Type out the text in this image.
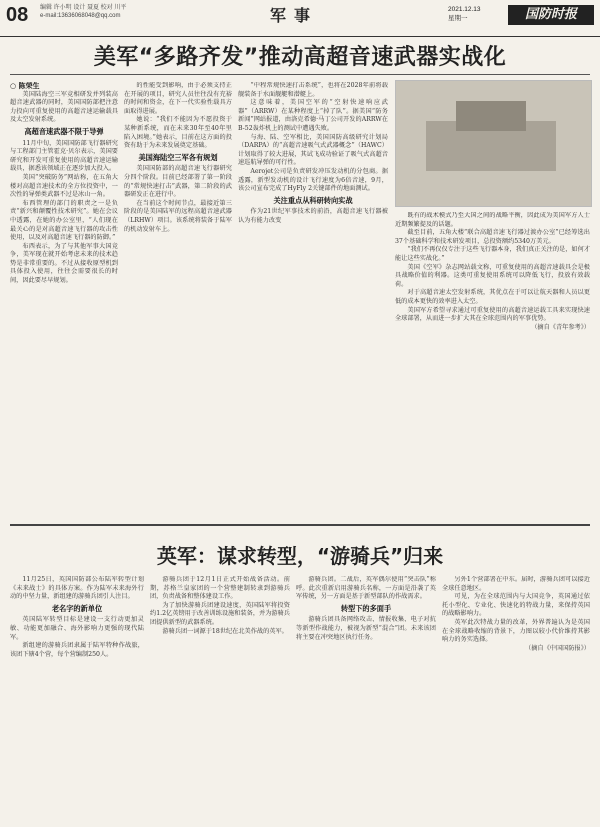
08 编辑 许小明 设计 聂夏 校对 川平
e-mail:13636068048@qq.com	军事	2021.12.13
星期一	国防时报
美军“多路齐发”推动高超音速武器实战化

○ 陈荣生

美国陆海空三军竞相研发并列装高超音速武器的同时，美国国防部把注意力投向可重复使用的高超音速运输载具及太空发射系统。

高超音速武器不限于导弹

11月中旬，美国国防部飞行器研究与工程部门主管霍克·贝尔表示，美国要研究和开发可重复使用的高超音速运输载具，据悉该领域正在逐步加大投入。

美国“突破防务”网站称，在五角大楼对高超音速技术的全方位投资中，一次性的导弹类武器不过是冰山一角。

布西管理的部门的职责之一是负责“新兴和颠覆性技术研究”。她在会议中透露，在她的办公室里，“人们现在最关心的是对高超音速飞行器的攻击性使用，以及对高超音速飞行器的防御。”

布西表示，为了与其他军事大国竞争，美军现在就开始考虑未来的技术趋势是非常重要的。不过从接收原型机到具体投入使用，往往会需要很长的时间，因此要尽早规划。

的性能受到影响，由于必须支持正在开展的项目，研究人员往往没有充裕的时间和资金，在下一代实验性载具方面取得进展。

她说：“我们不能因为不愿投资于某种新系统，而在未来30年至40年里陷入困境。”她表示，目前在这方面的投资有助于为未来发展奠定基础。

美国海陆空三军各有规划

美国国防部的高超音速飞行器研究分四个阶段。目前已经部署了第一阶段的“常规快速打击”武器，第二阶段的武器研发正在进行中。

在当前这个时间节点，最接近第三阶段的是美国陆军的远程高超音速武器（LRHW）项目。该系统将装备于陆军的机动发射车上。

“中程常规快速打击系统”，也将在2028年前将载舰装备于水面舰艇和潜艇上。

这意味着，美国空军的“空射快速响应武器”（ARRW）在某种程度上“掉了队”。据美国“防务新闻”网站报道，由洛克希德·马丁公司开发的ARRW在B-52轰炸机上的测试中遭遇失败。

与海、陆、空军相比，美国国防高级研究计划局（DARPA）的“高超音速吸气式武器概念”（HAWC）计划取得了较大进展，其试飞成功验证了吸气式高超音速巡航导弹的可行性。

Aerojet公司是负责研发冲压发动机的分包商。据透露，新型发动机的设计飞行速度为6倍音速，9月，该公司宣布完成了HyFly 2关键部件的地面测试。

关注重点从科研转向实战

作为21世纪军事技术的前沿，高超音速飞行器被认为有能力改变

既有的战术模式乃至大国之间的战略平衡，因此成为美国军方人士近期频繁提及的话题。

截至目前，五角大楼“联合高超音速飞行器过渡办公室”已经筹选出37个基础科学和技术研发项目，总投资额约5340万美元。

“我们不再仅仅专注于这些飞行器本身，我们真正关注的是，如何才能让这些实战化。”

美国《空军》杂志网站载文称，可重复使用的高超音速载具会是极具战略价值的利器。这类可重复使用系统可以降低飞行，投放有效载荷。

对于高超音速太空发射系统，其优点在于可以让航天器和人员以更低的成本更快的效率进入太空。

美国军方希望寻求通过可重复使用的高超音速运载工具来实现快速全球部署，从而进一步扩大其在全球范围内的军事优势。

（摘自《青年参考》）
英军：谋求转型，“游骑兵”归来

11月25日，英国国防部公布陆军转型计划《未来战士》的具体方案。作为陆军未来海外行动的中坚力量，新组建的游骑兵团引人注目。

老名字的新单位

英国陆军转型目标是建设一支行动更加灵敏、功能更加融合、海外影响力更强的现代陆军。

新组建的游骑兵团隶属于陆军特种作战旅，该团下辖4个营，每个营编制250人。

游骑兵团于12月1日正式开始战备活动。前期，苏格兰皇家团的一个营整建制转隶到游骑兵团，负责战备和整体建设工作。

为了加快游骑兵团建设速度，英国陆军将投资约1.2亿英镑用于改善训练设施和装备，并为游骑兵团提供新型的武器系统。

游骑兵团一词源于18世纪在北美作战的英军。

游骑兵团。二战后，英军偶尔使用“突击队”称呼。此次重新启用游骑兵名称，一方面是沿袭了英军传统，另一方面是基于新型部队的作战需求。

转型下的多面手

游骑兵团具备网络攻击、情报收集、电子对抗等新型作战能力，被视为新型“混合”团。未来该团将主要在冲突地区执行任务。

另外1个营部署在中东。届时，游骑兵团可以接近全球任意地区。

可见，为在全球范围内与大国竞争，英国通过依托小型化、专业化、快速化的特战力量，来保持英国的战略影响力。

英军此次特战力量的改革，外界普遍认为是英国在全球战略收缩的背景下，力图以较小代价维持其影响力的务实选择。

（摘自《中国国防报》）
